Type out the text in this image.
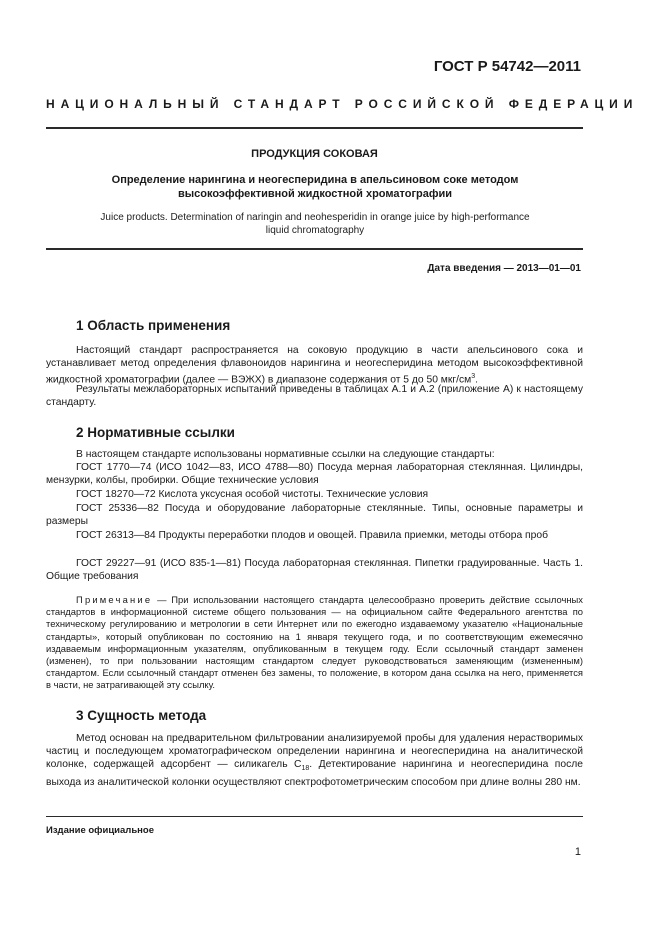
ГОСТ Р 54742—2011
НАЦИОНАЛЬНЫЙ СТАНДАРТ РОССИЙСКОЙ ФЕДЕРАЦИИ
ПРОДУКЦИЯ СОКОВАЯ
Определение нарингина и неогесперидина в апельсиновом соке методом высокоэффективной жидкостной хроматографии
Juice products. Determination of naringin and neohesperidin in orange juice by high-performance liquid chromatography
Дата введения — 2013—01—01
1 Область применения

Настоящий стандарт распространяется на соковую продукцию в части апельсинового сока и устанавливает метод определения флавоноидов нарингина и неогесперидина методом высокоэффективной жидкостной хроматографии (далее — ВЭЖХ) в диапазоне содержания от 5 до 50 мкг/$см^3$.

Результаты межлабораторных испытаний приведены в таблицах А.1 и А.2 (приложение А) к настоящему стандарту.

2 Нормативные ссылки

В настоящем стандарте использованы нормативные ссылки на следующие стандарты:

ГОСТ 1770—74 (ИСО 1042—83, ИСО 4788—80) Посуда мерная лабораторная стеклянная. Цилиндры, мензурки, колбы, пробирки. Общие технические условия

ГОСТ 18270—72 Кислота уксусная особой чистоты. Технические условия

ГОСТ 25336—82 Посуда и оборудование лабораторные стеклянные. Типы, основные параметры и размеры

ГОСТ 26313—84 Продукты переработки плодов и овощей. Правила приемки, методы отбора проб

ГОСТ 29227—91 (ИСО 835-1—81) Посуда лабораторная стеклянная. Пипетки градуированные. Часть 1. Общие требования

Примечание — При использовании настоящего стандарта целесообразно проверить действие ссылочных стандартов в информационной системе общего пользования — на официальном сайте Федерального агентства по техническому регулированию и метрологии в сети Интернет или по ежегодно издаваемому указателю «Национальные стандарты», который опубликован по состоянию на 1 января текущего года, и по соответствующим ежемесячно издаваемым информационным указателям, опубликованным в текущем году. Если ссылочный стандарт заменен (изменен), то при пользовании настоящим стандартом следует руководствоваться заменяющим (измененным) стандартом. Если ссылочный стандарт отменен без замены, то положение, в котором дана ссылка на него, применяется в части, не затрагивающей эту ссылку.

3 Сущность метода

Метод основан на предварительном фильтровании анализируемой пробы для удаления нерастворимых частиц и последующем хроматографическом определении нарингина и неогесперидина на аналитической колонке, содержащей адсорбент — силикагель $C_{18}$. Детектирование нарингина и неогесперидина после выхода из аналитической колонки осуществляют спектрофотометрическим способом при длине волны 280 нм.

Издание официальное
1
